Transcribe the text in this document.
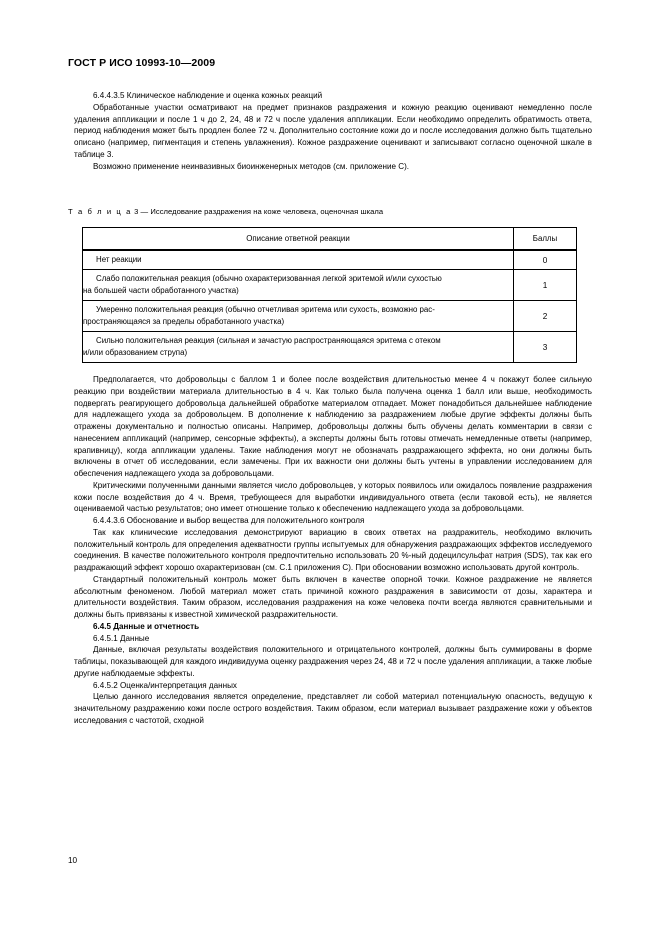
ГОСТ Р ИСО 10993-10—2009

6.4.4.3.5 Клиническое наблюдение и оценка кожных реакций

Обработанные участки осматривают на предмет признаков раздражения и кожную реакцию оценивают немедленно после удаления аппликации и после 1 ч до 2, 24, 48 и 72 ч после удаления аппликации. Если необходимо определить обратимость ответа, период наблюдения может быть продлен более 72 ч. Дополнительно состояние кожи до и после исследования должно быть тщательно описано (например, пигментация и степень увлажнения). Кожное раздражение оценивают и записывают согласно оценочной шкале в таблице 3.

Возможно применение неинвазивных биоинженерных методов (см. приложение С).

Т а б л и ц а 3 — Исследование раздражения на коже человека, оценочная шкала
Описание ответной реакции	Баллы

Нет реакции	0

Слабо положительная реакция (обычно охарактеризованная легкой эритемой и/или сухостью
на большей части обработанного участка)	1

Умеренно положительная реакция (обычно отчетливая эритема или сухость, возможно рас-
пространяющаяся за пределы обработанного участка)	2

Сильно положительная реакция (сильная и зачастую распространяющаяся эритема с отеком
и/или образованием струпа)	3

Предполагается, что добровольцы с баллом 1 и более после воздействия длительностью менее 4 ч покажут более сильную реакцию при воздействии материала длительностью в 4 ч. Как только была получена оценка 1 балл или выше, необходимость подвергать реагирующего добровольца дальнейшей обработке материалом отпадает. Может понадобиться дальнейшее наблюдение для надлежащего ухода за добровольцем. В дополнение к наблюдению за раздражением любые другие эффекты должны быть отражены документально и полностью описаны. Например, добровольцы должны быть обучены делать комментарии в связи с нанесением аппликаций (например, сенсорные эффекты), а эксперты должны быть готовы отмечать немедленные ответы (например, крапивницу), когда аппликации удалены. Такие наблюдения могут не обозначать раздражающего эффекта, но они должны быть включены в отчет об исследовании, если замечены. При их важности они должны быть учтены в управлении исследованием для обеспечения надлежащего ухода за добровольцами.

Критическими полученными данными является число добровольцев, у которых появилось или ожидалось появление раздражения кожи после воздействия до 4 ч. Время, требующееся для выработки индивидуального ответа (если таковой есть), не является оцениваемой частью результатов; оно имеет отношение только к обеспечению надлежащего ухода за добровольцами.

6.4.4.3.6 Обоснование и выбор вещества для положительного контроля

Так как клинические исследования демонстрируют вариацию в своих ответах на раздражитель, необходимо включить положительный контроль для определения адекватности группы испытуемых для обнаружения раздражающих эффектов исследуемого соединения. В качестве положительного контроля предпочтительно использовать 20 %-ный додецилсульфат натрия (SDS), так как его раздражающий эффект хорошо охарактеризован (см. С.1 приложения С). При обосновании возможно использовать другой контроль.

Стандартный положительный контроль может быть включен в качестве опорной точки. Кожное раздражение не является абсолютным феноменом. Любой материал может стать причиной кожного раздражения в зависимости от дозы, характера и длительности воздействия. Таким образом, исследования раздражения на коже человека почти всегда являются сравнительными и должны быть привязаны к известной химической раздражительности.

6.4.5 Данные и отчетность

6.4.5.1 Данные

Данные, включая результаты воздействия положительного и отрицательного контролей, должны быть суммированы в форме таблицы, показывающей для каждого индивидуума оценку раздражения через 24, 48 и 72 ч после удаления аппликации, а также любые другие наблюдаемые эффекты.

6.4.5.2 Оценка/интерпретация данных

Целью данного исследования является определение, представляет ли собой материал потенциальную опасность, ведущую к значительному раздражению кожи после острого воздействия. Таким образом, если материал вызывает раздражение кожи у объектов исследования с частотой, сходной

10
